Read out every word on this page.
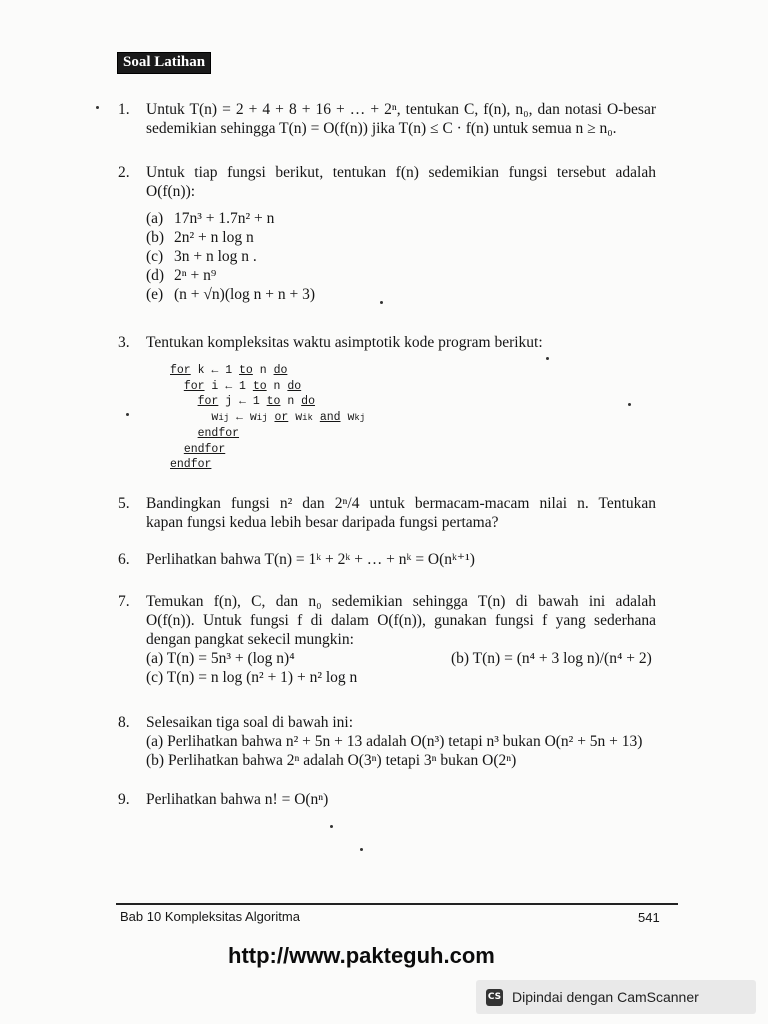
Soal Latihan
1.	Untuk T(n) = 2 + 4 + 8 + 16 + … + 2ⁿ, tentukan C, f(n), n₀, dan notasi O-besar
sedemikian sehingga T(n) = O(f(n)) jika T(n) ≤ C · f(n) untuk semua n ≥ n₀.
2.	Untuk tiap fungsi berikut, tentukan f(n) sedemikian fungsi tersebut adalah
O(f(n)):
(a) 17n³ + 1.7n² + n
(b) 2n² + n log n
(c) 3n + n log n .
(d) 2ⁿ + n⁹
(e) (n + √n)(log n + n + 3)
3.	Tentukan kompleksitas waktu asimptotik kode program berikut:
for k ← 1 to n do
for i ← 1 to n do
for j ← 1 to n do
wij ← wij or wik and wkj
endfor
endfor
endfor
5.	Bandingkan fungsi n² dan 2ⁿ/4 untuk bermacam-macam nilai n. Tentukan
kapan fungsi kedua lebih besar daripada fungsi pertama?
6.	Perlihatkan bahwa T(n) = 1ᵏ + 2ᵏ + … + nᵏ = O(nᵏ⁺¹)
7.	Temukan f(n), C, dan n₀ sedemikian sehingga T(n) di bawah ini adalah
O(f(n)). Untuk fungsi f di dalam O(f(n)), gunakan fungsi f yang sederhana
dengan pangkat sekecil mungkin:
(a) T(n) = 5n³ + (log n)⁴	(b) T(n) = (n⁴ + 3 log n)/(n⁴ + 2)
(c) T(n) = n log (n² + 1) + n² log n
8.	Selesaikan tiga soal di bawah ini:
(a) Perlihatkan bahwa n² + 5n + 13 adalah O(n³) tetapi n³ bukan O(n² + 5n + 13)
(b) Perlihatkan bahwa 2ⁿ adalah O(3ⁿ) tetapi 3ⁿ bukan O(2ⁿ)
9.	Perlihatkan bahwa n! = O(nⁿ)
Bab 10 Kompleksitas Algoritma	541
http://www.pakteguh.com
CS Dipindai dengan CamScanner
